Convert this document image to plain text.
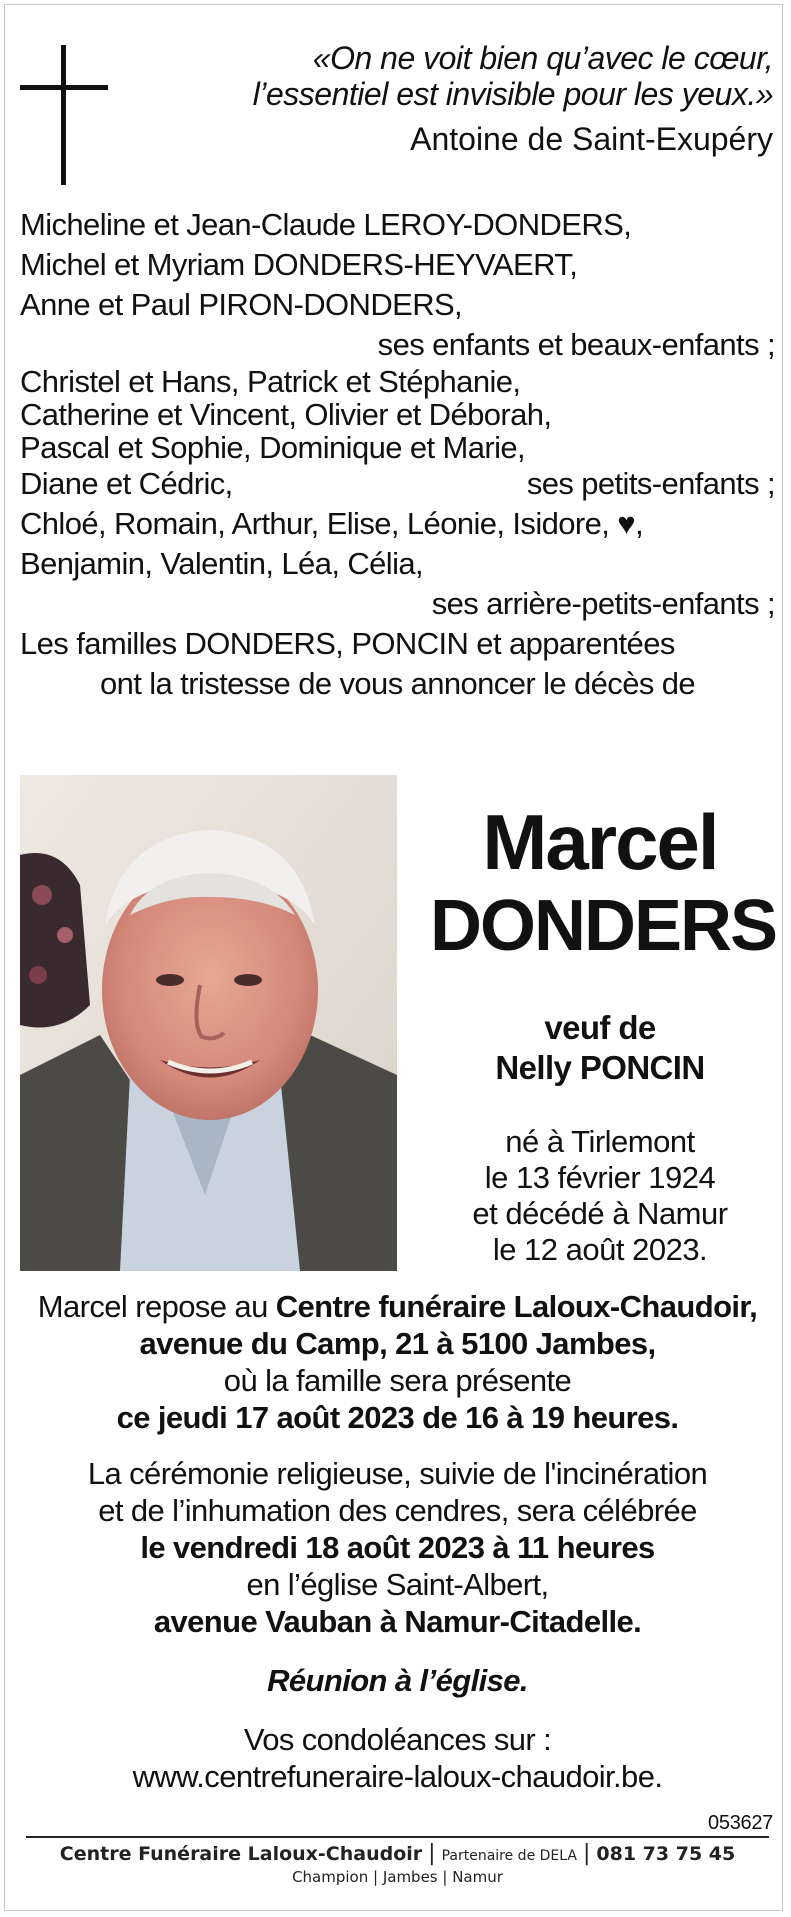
«On ne voit bien qu’avec le cœur,
l’essentiel est invisible pour les yeux.»
Antoine de Saint-Exupéry
Micheline et Jean-Claude LEROY-DONDERS,
Michel et Myriam DONDERS-HEYVAERT,
Anne et Paul PIRON-DONDERS,
ses enfants et beaux-enfants ;
Christel et Hans, Patrick et Stéphanie,
Catherine et Vincent, Olivier et Déborah,
Pascal et Sophie, Dominique et Marie,
Diane et Cédric,	ses petits-enfants ;
Chloé, Romain, Arthur, Elise, Léonie, Isidore, ♥,
Benjamin, Valentin, Léa, Célia,
ses arrière-petits-enfants ;
Les familles DONDERS, PONCIN et apparentées
ont la tristesse de vous annoncer le décès de
Marcel
DONDERS
veuf de
Nelly PONCIN
né à Tirlemont
le 13 février 1924
et décédé à Namur
le 12 août 2023.
Marcel repose au Centre funéraire Laloux-Chaudoir,
avenue du Camp, 21 à 5100 Jambes,
où la famille sera présente
ce jeudi 17 août 2023 de 16 à 19 heures.
La cérémonie religieuse, suivie de l'incinération
et de l’inhumation des cendres, sera célébrée
le vendredi 18 août 2023 à 11 heures
en l’église Saint-Albert,
avenue Vauban à Namur-Citadelle.
Réunion à l’église.
Vos condoléances sur :
www.centrefuneraire-laloux-chaudoir.be.
053627
Centre Funéraire Laloux-Chaudoir | Partenaire de DELA | 081 73 75 45
Champion | Jambes | Namur
